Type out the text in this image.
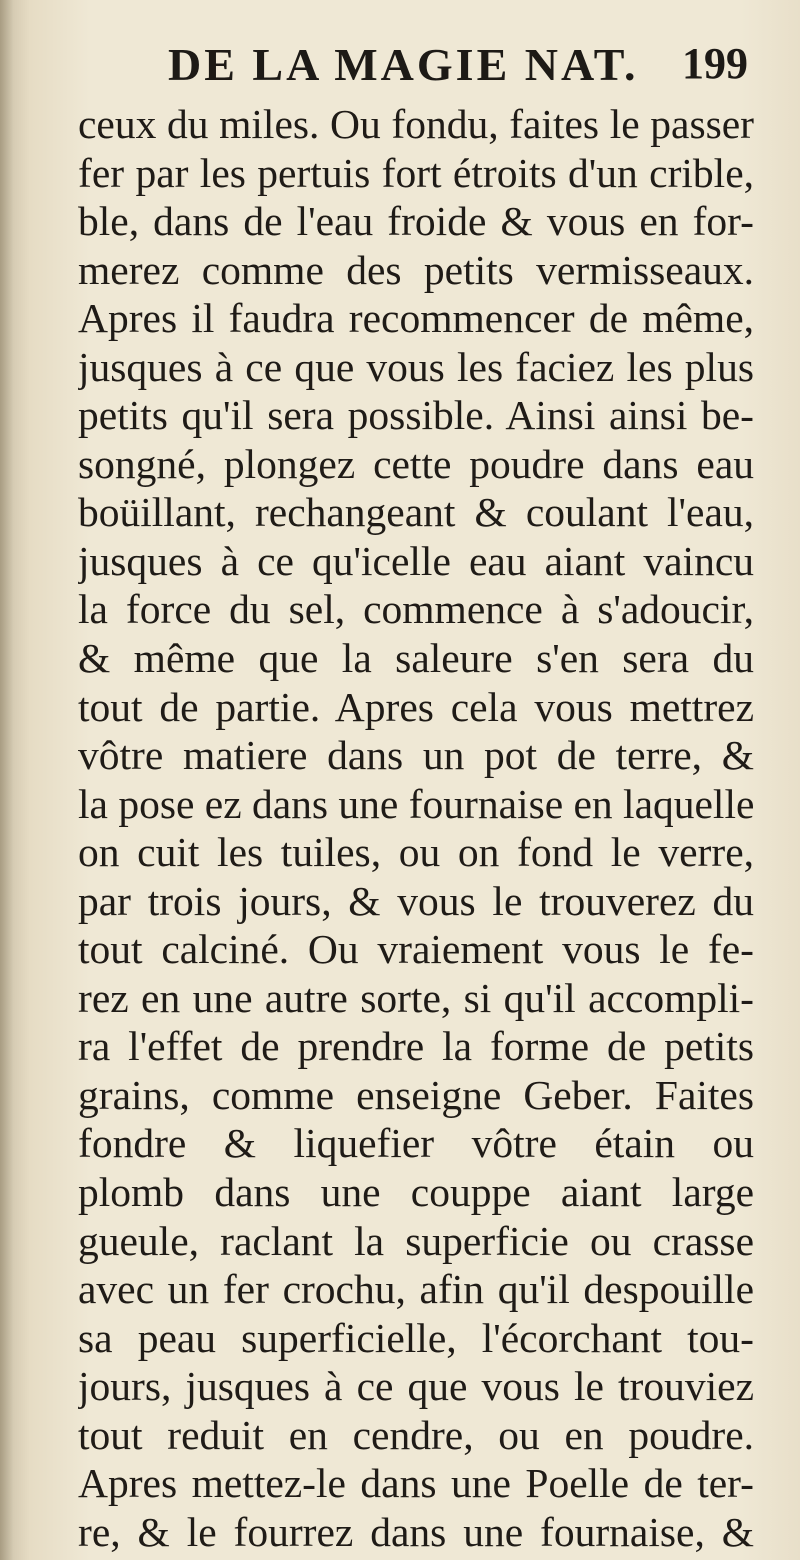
DE LA MAGIE NAT. 199
ceux du miles. Ou fondu, faites le passer
fer par les pertuis fort étroits d'un crible,
ble, dans de l'eau froide & vous en for-
merez comme des petits vermisseaux.
Apres il faudra recommencer de même,
jusques à ce que vous les faciez les plus
petits qu'il sera possible. Ainsi ainsi be-
songné, plongez cette poudre dans eau
boüillant, rechangeant & coulant l'eau,
jusques à ce qu'icelle eau aiant vaincu
la force du sel, commence à s'adoucir,
& même que la saleure s'en sera du
tout de partie. Apres cela vous mettrez
vôtre matiere dans un pot de terre, &
la pose ez dans une fournaise en laquelle
on cuit les tuiles, ou on fond le verre,
par trois jours, & vous le trouverez du
tout calciné. Ou vraiement vous le fe-
rez en une autre sorte, si qu'il accompli-
ra l'effet de prendre la forme de petits
grains, comme enseigne Geber. Faites
fondre & liquefier vôtre étain ou
plomb dans une couppe aiant large
gueule, raclant la superficie ou crasse
avec un fer crochu, afin qu'il despouille
sa peau superficielle, l'écorchant tou-
jours, jusques à ce que vous le trouviez
tout reduit en cendre, ou en poudre.
Apres mettez-le dans une Poelle de ter-
re, & le fourrez dans une fournaise, &
